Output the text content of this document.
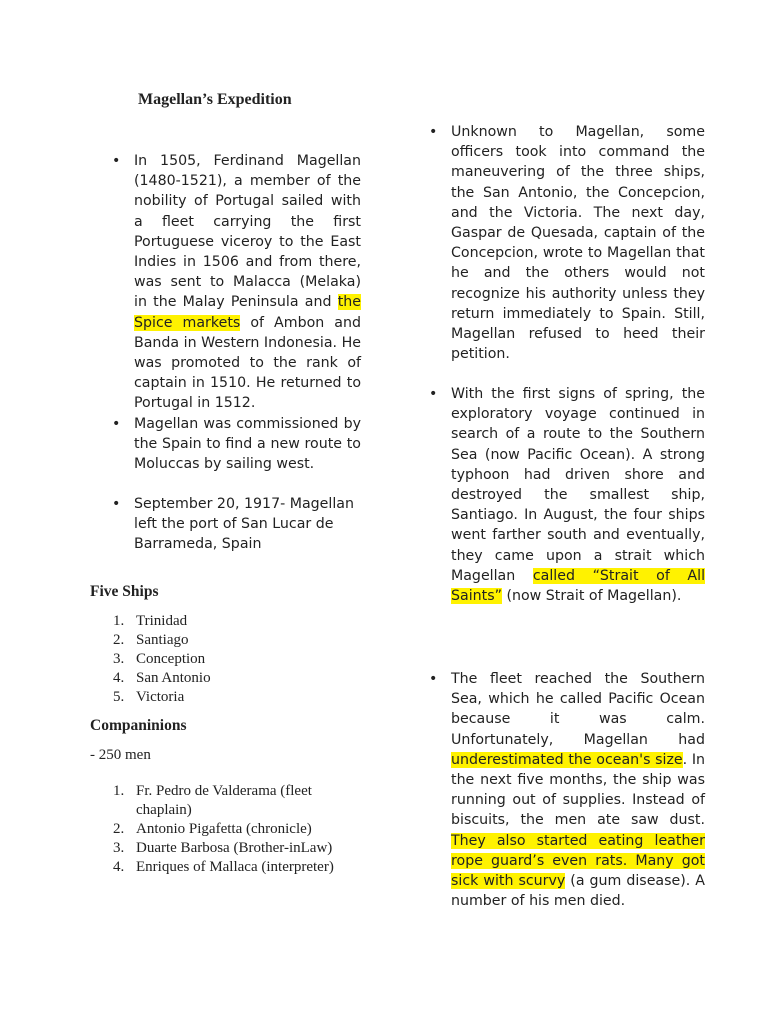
Magellan’s Expedition
• In 1505, Ferdinand Magellan (1480-1521), a member of the nobility of Portugal sailed with a fleet carrying the first Portuguese viceroy to the East Indies in 1506 and from there, was sent to Malacca (Melaka) in the Malay Peninsula and the Spice markets of Ambon and Banda in Western Indonesia. He was promoted to the rank of captain in 1510. He returned to Portugal in 1512.
• Magellan was commissioned by the Spain to find a new route to Moluccas by sailing west.
• September 20, 1917- Magellan left the port of San Lucar de Barrameda, Spain
Five Ships
1. Trinidad
2. Santiago
3. Conception
4. San Antonio
5. Victoria
Companinions
- 250 men
1. Fr. Pedro de Valderama (fleet chaplain)
2. Antonio Pigafetta (chronicle)
3. Duarte Barbosa (Brother-inLaw)
4. Enriques of Mallaca (interpreter)
• Unknown to Magellan, some officers took into command the maneuvering of the three ships, the San Antonio, the Concepcion, and the Victoria. The next day, Gaspar de Quesada, captain of the Concepcion, wrote to Magellan that he and the others would not recognize his authority unless they return immediately to Spain. Still, Magellan refused to heed their petition.
• With the first signs of spring, the exploratory voyage continued in search of a route to the Southern Sea (now Pacific Ocean). A strong typhoon had driven shore and destroyed the smallest ship, Santiago. In August, the four ships went farther south and eventually, they came upon a strait which Magellan called “Strait of All Saints” (now Strait of Magellan).
• The fleet reached the Southern Sea, which he called Pacific Ocean because it was calm. Unfortunately, Magellan had underestimated the ocean's size. In the next five months, the ship was running out of supplies. Instead of biscuits, the men ate saw dust. They also started eating leather rope guard’s even rats. Many got sick with scurvy (a gum disease). A number of his men died.
